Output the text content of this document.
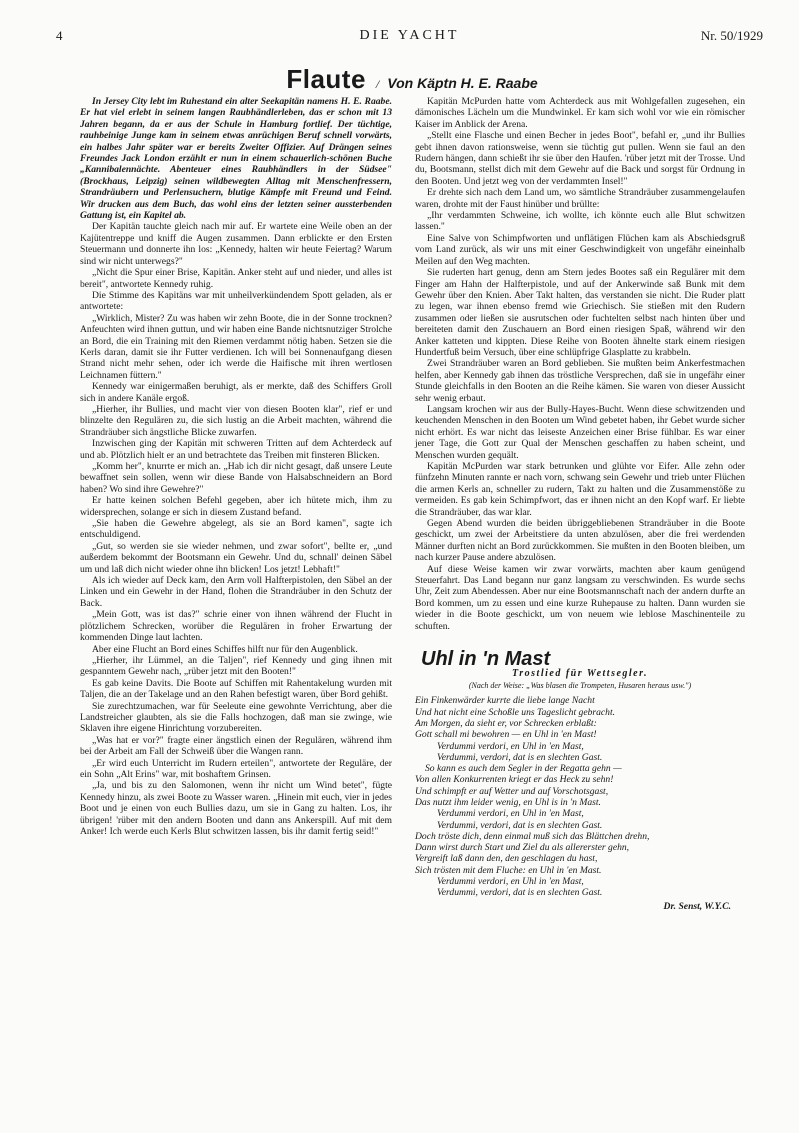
4	DIE YACHT	Nr. 50/1929
Flaute / Von Käptn H. E. Raabe

In Jersey City lebt im Ruhestand ein alter Seekapitän namens H. E. Raabe. Er hat viel erlebt in seinem langen Raubhändlerleben, das er schon mit 13 Jahren begann, da er aus der Schule in Hamburg fortlief. Der tüchtige, rauhbeinige Junge kam in seinem etwas anrüchigen Beruf schnell vorwärts, ein halbes Jahr später war er bereits Zweiter Offizier. Auf Drängen seines Freundes Jack London erzählt er nun in einem schauerlich-schönen Buche „Kannibalennächte. Abenteuer eines Raubhändlers in der Südsee" (Brockhaus, Leipzig) seinen wildbewegten Alltag mit Menschenfressern, Strandräubern und Perlensuchern, blutige Kämpfe mit Freund und Feind. Wir drucken aus dem Buch, das wohl eins der letzten seiner aussterbenden Gattung ist, ein Kapitel ab.

Der Kapitän tauchte gleich nach mir auf. Er wartete eine Weile oben an der Kajütentreppe und kniff die Augen zusammen. Dann erblickte er den Ersten Steuermann und donnerte ihn los: „Kennedy, halten wir heute Feiertag? Warum sind wir nicht unterwegs?"

„Nicht die Spur einer Brise, Kapitän. Anker steht auf und nieder, und alles ist bereit", antwortete Kennedy ruhig.

Die Stimme des Kapitäns war mit unheilverkündendem Spott geladen, als er antwortete:

„Wirklich, Mister? Zu was haben wir zehn Boote, die in der Sonne trocknen? Anfeuchten wird ihnen guttun, und wir haben eine Bande nichtsnutziger Strolche an Bord, die ein Training mit den Riemen verdammt nötig haben. Setzen sie die Kerls daran, damit sie ihr Futter verdienen. Ich will bei Sonnenaufgang diesen Strand nicht mehr sehen, oder ich werde die Haifische mit ihren wertlosen Leichnamen füttern."

Kennedy war einigermaßen beruhigt, als er merkte, daß des Schiffers Groll sich in andere Kanäle ergoß.

„Hierher, ihr Bullies, und macht vier von diesen Booten klar", rief er und blinzelte den Regulären zu, die sich lustig an die Arbeit machten, während die Strandräuber sich ängstliche Blicke zuwarfen.

Inzwischen ging der Kapitän mit schweren Tritten auf dem Achterdeck auf und ab. Plötzlich hielt er an und betrachtete das Treiben mit finsteren Blicken.

„Komm her", knurrte er mich an. „Hab ich dir nicht gesagt, daß unsere Leute bewaffnet sein sollen, wenn wir diese Bande von Halsabschneidern an Bord haben? Wo sind ihre Gewehre?"

Er hatte keinen solchen Befehl gegeben, aber ich hütete mich, ihm zu widersprechen, solange er sich in diesem Zustand befand.

„Sie haben die Gewehre abgelegt, als sie an Bord kamen", sagte ich entschuldigend.

„Gut, so werden sie sie wieder nehmen, und zwar sofort", bellte er, „und außerdem bekommt der Bootsmann ein Gewehr. Und du, schnall' deinen Säbel um und laß dich nicht wieder ohne ihn blicken! Los jetzt! Lebhaft!"

Als ich wieder auf Deck kam, den Arm voll Halfterpistolen, den Säbel an der Linken und ein Gewehr in der Hand, flohen die Strandräuber in den Schutz der Back.

„Mein Gott, was ist das?" schrie einer von ihnen während der Flucht in plötzlichem Schrecken, worüber die Regulären in froher Erwartung der kommenden Dinge laut lachten.

Aber eine Flucht an Bord eines Schiffes hilft nur für den Augenblick.

„Hierher, ihr Lümmel, an die Taljen", rief Kennedy und ging ihnen mit gespanntem Gewehr nach, „rüber jetzt mit den Booten!"

Es gab keine Davits. Die Boote auf Schiffen mit Rahentakelung wurden mit Taljen, die an der Takelage und an den Rahen befestigt waren, über Bord gehißt.

Sie zurechtzumachen, war für Seeleute eine gewohnte Verrichtung, aber die Landstreicher glaubten, als sie die Falls hochzogen, daß man sie zwinge, wie Sklaven ihre eigene Hinrichtung vorzubereiten.

„Was hat er vor?" fragte einer ängstlich einen der Regulären, während ihm bei der Arbeit am Fall der Schweiß über die Wangen rann.

„Er wird euch Unterricht im Rudern erteilen", antwortete der Reguläre, der ein Sohn „Alt Erins" war, mit boshaftem Grinsen.

„Ja, und bis zu den Salomonen, wenn ihr nicht um Wind betet", fügte Kennedy hinzu, als zwei Boote zu Wasser waren. „Hinein mit euch, vier in jedes Boot und je einen von euch Bullies dazu, um sie in Gang zu halten. Los, ihr übrigen! 'rüber mit den andern Booten und dann ans Ankerspill. Auf mit dem Anker! Ich werde euch Kerls Blut schwitzen lassen, bis ihr damit fertig seid!"

Kapitän McPurden hatte vom Achterdeck aus mit Wohlgefallen zugesehen, ein dämonisches Lächeln um die Mundwinkel. Er kam sich wohl vor wie ein römischer Kaiser im Anblick der Arena.

„Stellt eine Flasche und einen Becher in jedes Boot", befahl er, „und ihr Bullies gebt ihnen davon rationsweise, wenn sie tüchtig gut pullen. Wenn sie faul an den Rudern hängen, dann schießt ihr sie über den Haufen. 'rüber jetzt mit der Trosse. Und du, Bootsmann, stellst dich mit dem Gewehr auf die Back und sorgst für Ordnung in den Booten. Und jetzt weg von der verdammten Insel!"

Er drehte sich nach dem Land um, wo sämtliche Strandräuber zusammengelaufen waren, drohte mit der Faust hinüber und brüllte:

„Ihr verdammten Schweine, ich wollte, ich könnte euch alle Blut schwitzen lassen."

Eine Salve von Schimpfworten und unflätigen Flüchen kam als Abschiedsgruß vom Land zurück, als wir uns mit einer Geschwindigkeit von ungefähr eineinhalb Meilen auf den Weg machten.

Sie ruderten hart genug, denn am Stern jedes Bootes saß ein Regulärer mit dem Finger am Hahn der Halfterpistole, und auf der Ankerwinde saß Bunk mit dem Gewehr über den Knien. Aber Takt halten, das verstanden sie nicht. Die Ruder platt zu legen, war ihnen ebenso fremd wie Griechisch. Sie stießen mit den Rudern zusammen oder ließen sie ausrutschen oder fuchtelten selbst nach hinten über und bereiteten damit den Zuschauern an Bord einen riesigen Spaß, während wir den Anker katteten und kippten. Diese Reihe von Booten ähnelte stark einem riesigen Hundertfuß beim Versuch, über eine schlüpfrige Glasplatte zu krabbeln.

Zwei Strandräuber waren an Bord geblieben. Sie mußten beim Ankerfestmachen helfen, aber Kennedy gab ihnen das tröstliche Versprechen, daß sie in ungefähr einer Stunde gleichfalls in den Booten an die Reihe kämen. Sie waren von dieser Aussicht sehr wenig erbaut.

Langsam krochen wir aus der Bully-Hayes-Bucht. Wenn diese schwitzenden und keuchenden Menschen in den Booten um Wind gebetet haben, ihr Gebet wurde sicher nicht erhört. Es war nicht das leiseste Anzeichen einer Brise fühlbar. Es war einer jener Tage, die Gott zur Qual der Menschen geschaffen zu haben scheint, und Menschen wurden gequält.

Kapitän McPurden war stark betrunken und glühte vor Eifer. Alle zehn oder fünfzehn Minuten rannte er nach vorn, schwang sein Gewehr und trieb unter Flüchen die armen Kerls an, schneller zu rudern, Takt zu halten und die Zusammenstöße zu vermeiden. Es gab kein Schimpfwort, das er ihnen nicht an den Kopf warf. Er liebte die Strandräuber, das war klar.

Gegen Abend wurden die beiden übriggebliebenen Strandräuber in die Boote geschickt, um zwei der Arbeitstiere da unten abzulösen, aber die frei werdenden Männer durften nicht an Bord zurückkommen. Sie mußten in den Booten bleiben, um nach kurzer Pause andere abzulösen.

Auf diese Weise kamen wir zwar vorwärts, machten aber kaum genügend Steuerfahrt. Das Land begann nur ganz langsam zu verschwinden. Es wurde sechs Uhr, Zeit zum Abendessen. Aber nur eine Bootsmannschaft nach der andern durfte an Bord kommen, um zu essen und eine kurze Ruhepause zu halten. Dann wurden sie wieder in die Boote geschickt, um von neuem wie leblose Maschinenteile zu schuften.

Uhl in 'n Mast
Trostlied für Wettsegler.
(Nach der Weise: „Was blasen die Trompeten, Husaren heraus usw.")
Ein Finkenwärder kurrte die liebe lange Nacht
Und hat nicht eine Schoßle uns Tageslicht gebracht.
Am Morgen, da sieht er, vor Schrecken erblaßt:
Gott schall mi bewohren — en Uhl in 'en Mast!
Verdummi verdori, en Uhl in 'en Mast,
Verdummi, verdori, dat is en slechten Gast.
So kann es auch dem Segler in der Regatta gehn —
Von allen Konkurrenten kriegt er das Heck zu sehn!
Und schimpft er auf Wetter und auf Vorschotsgast,
Das nutzt ihm leider wenig, en Uhl is in 'n Mast.
Verdummi verdori, en Uhl in 'en Mast,
Verdummi, verdori, dat is en slechten Gast.
Doch tröste dich, denn einmal muß sich das Blättchen drehn,
Dann wirst durch Start und Ziel du als allererster gehn,
Vergreift laß dann den, den geschlagen du hast,
Sich trösten mit dem Fluche: en Uhl in 'en Mast.
Verdummi verdori, en Uhl in 'en Mast,
Verdummi, verdori, dat is en slechten Gast.
Dr. Senst, W.Y.C.
